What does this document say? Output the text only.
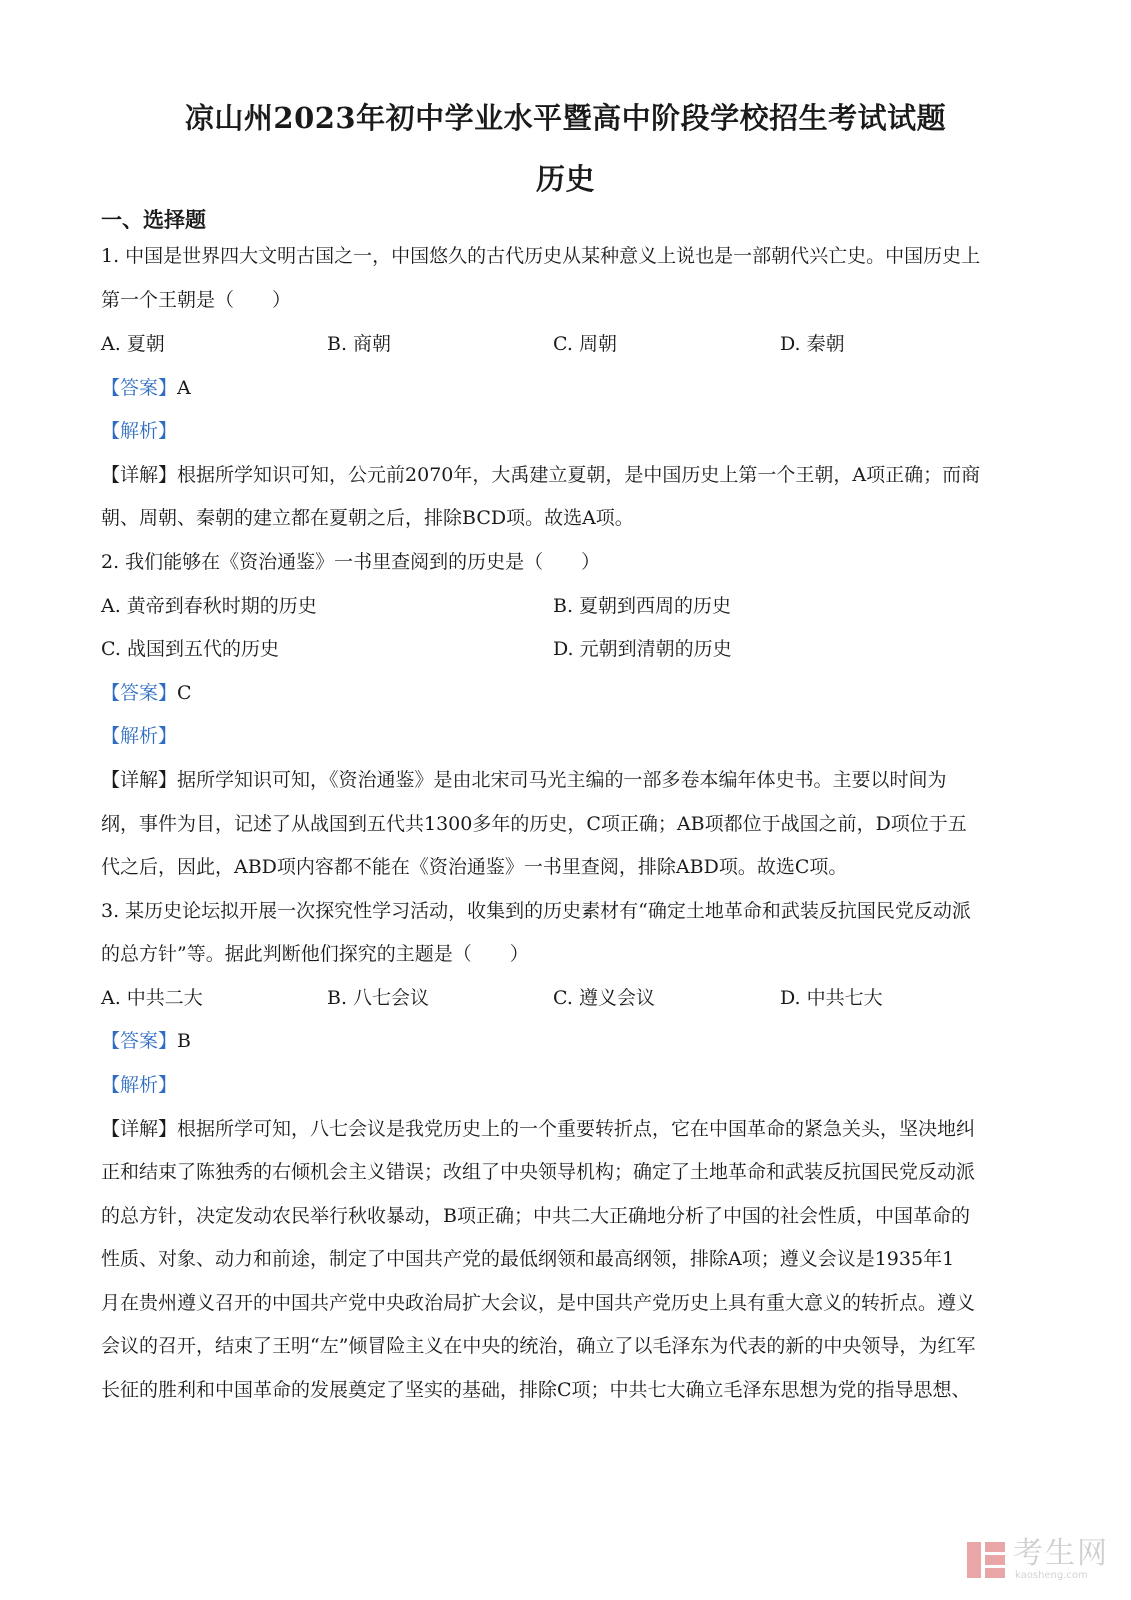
凉山州2023年初中学业水平暨高中阶段学校招生考试试题
历史
一、选择题
1. 中国是世界四大文明古国之一，中国悠久的古代历史从某种意义上说也是一部朝代兴亡史。中国历史上
第一个王朝是（　　）
A. 夏朝	B. 商朝	C. 周朝	D. 秦朝
【答案】A
【解析】
【详解】根据所学知识可知，公元前2070年，大禹建立夏朝，是中国历史上第一个王朝，A项正确；而商
朝、周朝、秦朝的建立都在夏朝之后，排除BCD项。故选A项。
2. 我们能够在《资治通鉴》一书里查阅到的历史是（　　）
A. 黄帝到春秋时期的历史	B. 夏朝到西周的历史
C. 战国到五代的历史	D. 元朝到清朝的历史
【答案】C
【解析】
【详解】据所学知识可知，《资治通鉴》是由北宋司马光主编的一部多卷本编年体史书。主要以时间为
纲，事件为目，记述了从战国到五代共1300多年的历史，C项正确；AB项都位于战国之前，D项位于五
代之后，因此，ABD项内容都不能在《资治通鉴》一书里查阅，排除ABD项。故选C项。
3. 某历史论坛拟开展一次探究性学习活动，收集到的历史素材有“确定土地革命和武装反抗国民党反动派
的总方针”等。据此判断他们探究的主题是（　　）
A. 中共二大	B. 八七会议	C. 遵义会议	D. 中共七大
【答案】B
【解析】
【详解】根据所学可知，八七会议是我党历史上的一个重要转折点，它在中国革命的紧急关头，坚决地纠
正和结束了陈独秀的右倾机会主义错误；改组了中央领导机构；确定了土地革命和武装反抗国民党反动派
的总方针，决定发动农民举行秋收暴动，B项正确；中共二大正确地分析了中国的社会性质，中国革命的
性质、对象、动力和前途，制定了中国共产党的最低纲领和最高纲领，排除A项；遵义会议是1935年1
月在贵州遵义召开的中国共产党中央政治局扩大会议，是中国共产党历史上具有重大意义的转折点。遵义
会议的召开，结束了王明“左”倾冒险主义在中央的统治，确立了以毛泽东为代表的新的中央领导，为红军
长征的胜利和中国革命的发展奠定了坚实的基础，排除C项；中共七大确立毛泽东思想为党的指导思想、
考生网
kaosheng.com
